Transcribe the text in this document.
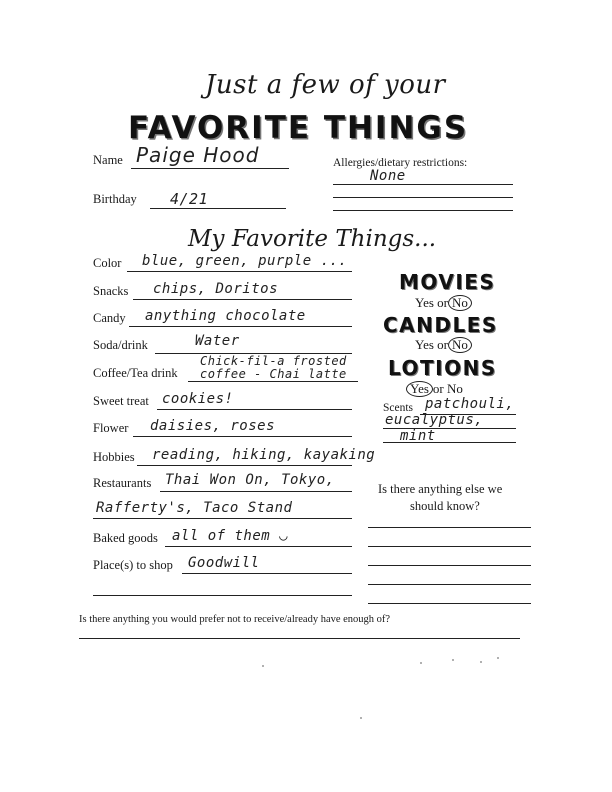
Just a few of your
FAVORITE THINGS
Name Paige Hood	Allergies/dietary restrictions:
None
Birthday 4/21
My Favorite Things...
Color blue, green, purple ...
Snacks chips, Doritos
Candy anything chocolate
Soda/drink	Water
Coffee/Tea drink
Chick-fil-a frosted
coffee - Chai latte
Sweet treat cookies!
Flower daisies, roses
Hobbies reading, hiking, kayaking
Restaurants Thai Won On, Tokyo,
Rafferty's, Taco Stand
Baked goods all of them ◡
Place(s) to shop Goodwill
MOVIES
Yes or No
CANDLES
Yes or No
LOTIONS
Yes or No
Scents patchouli,
eucalyptus,
mint
Is there anything else we
should know?
Is there anything you would prefer not to receive/already have enough of?
